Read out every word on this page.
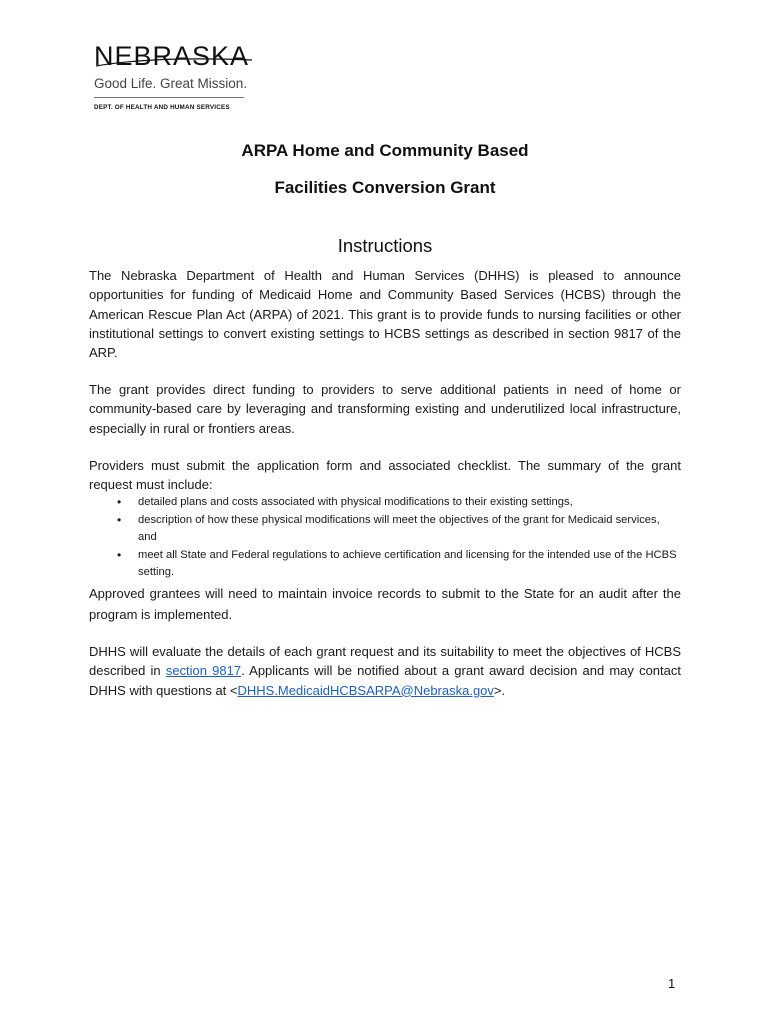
NEBRASKA
Good Life. Great Mission.
DEPT. OF HEALTH AND HUMAN SERVICES
ARPA Home and Community Based
Facilities Conversion Grant
Instructions
The Nebraska Department of Health and Human Services (DHHS) is pleased to announce opportunities for funding of Medicaid Home and Community Based Services (HCBS) through the American Rescue Plan Act (ARPA) of 2021. This grant is to provide funds to nursing facilities or other institutional settings to convert existing settings to HCBS settings as described in section 9817 of the ARP.
The grant provides direct funding to providers to serve additional patients in need of home or community-based care by leveraging and transforming existing and underutilized local infrastructure, especially in rural or frontiers areas.
Providers must submit the application form and associated checklist. The summary of the grant request must include:
• detailed plans and costs associated with physical modifications to their existing settings,
• description of how these physical modifications will meet the objectives of the grant for Medicaid services, and
• meet all State and Federal regulations to achieve certification and licensing for the intended use of the HCBS setting.
Approved grantees will need to maintain invoice records to submit to the State for an audit after the program is implemented.
DHHS will evaluate the details of each grant request and its suitability to meet the objectives of HCBS described in section 9817. Applicants will be notified about a grant award decision and may contact DHHS with questions at <DHHS.MedicaidHCBSARPA@Nebraska.gov>.
1
